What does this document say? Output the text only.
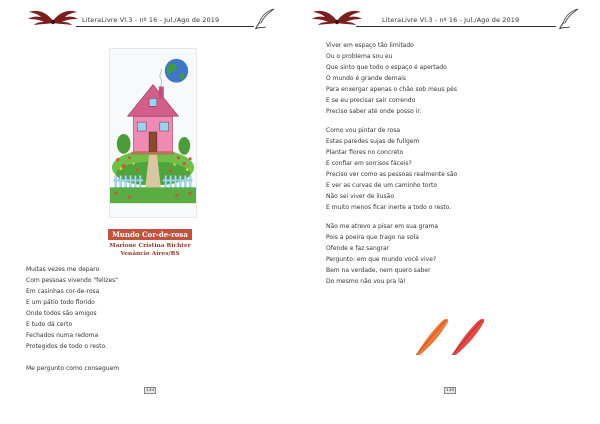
LiteraLivre Vl.3 - nº 16 - Jul./Ago de 2019
Mundo Cor-de-rosa
Marione Cristina Richter
Venâncio Aires/RS
Muitas vezes me deparo
Com pessoas vivendo "felizes"
Em casinhas cor-de-rosa
E um pátio todo florido
Onde todos são amigos
E tudo dá certo
Fechados numa redoma
Protegidos de todo o resto.
Me pergunto como conseguem
133
LiteraLivre Vl.3 - nº 16 - Jul./Ago de 2019
Viver em espaço tão limitado
Ou o problema sou eu
Que sinto que todo o espaço é apertado
O mundo é grande demais
Para enxergar apenas o chão sob meus pés
E se eu precisar sair correndo
Preciso saber até onde posso ir.
Como vou pintar de rosa
Estas paredes sujas de fuligem
Plantar flores no concreto
E confiar em sorrisos fáceis?
Preciso ver como as pessoas realmente são
E ver as curvas de um caminho torto
Não sei viver de ilusão
E muito menos ficar inerte a todo o resto.
Não me atrevo a pisar em sua grama
Pois a poeira que trago na sola
Ofende e faz sangrar
Pergunto: em que mundo você vive?
Bem na verdade, nem quero saber
Do mesmo não vou pra lá!
134
